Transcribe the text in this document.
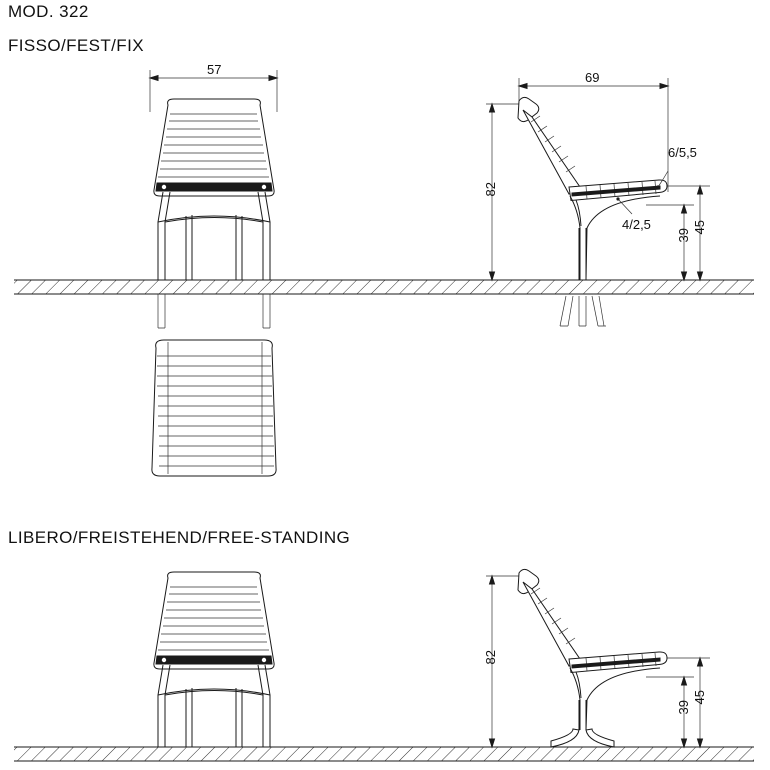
MOD. 322
FISSO/FEST/FIX
LIBERO/FREISTEHEND/FREE-STANDING
57
69
82
39
45
6/5,5
4/2,5
82
39
45
